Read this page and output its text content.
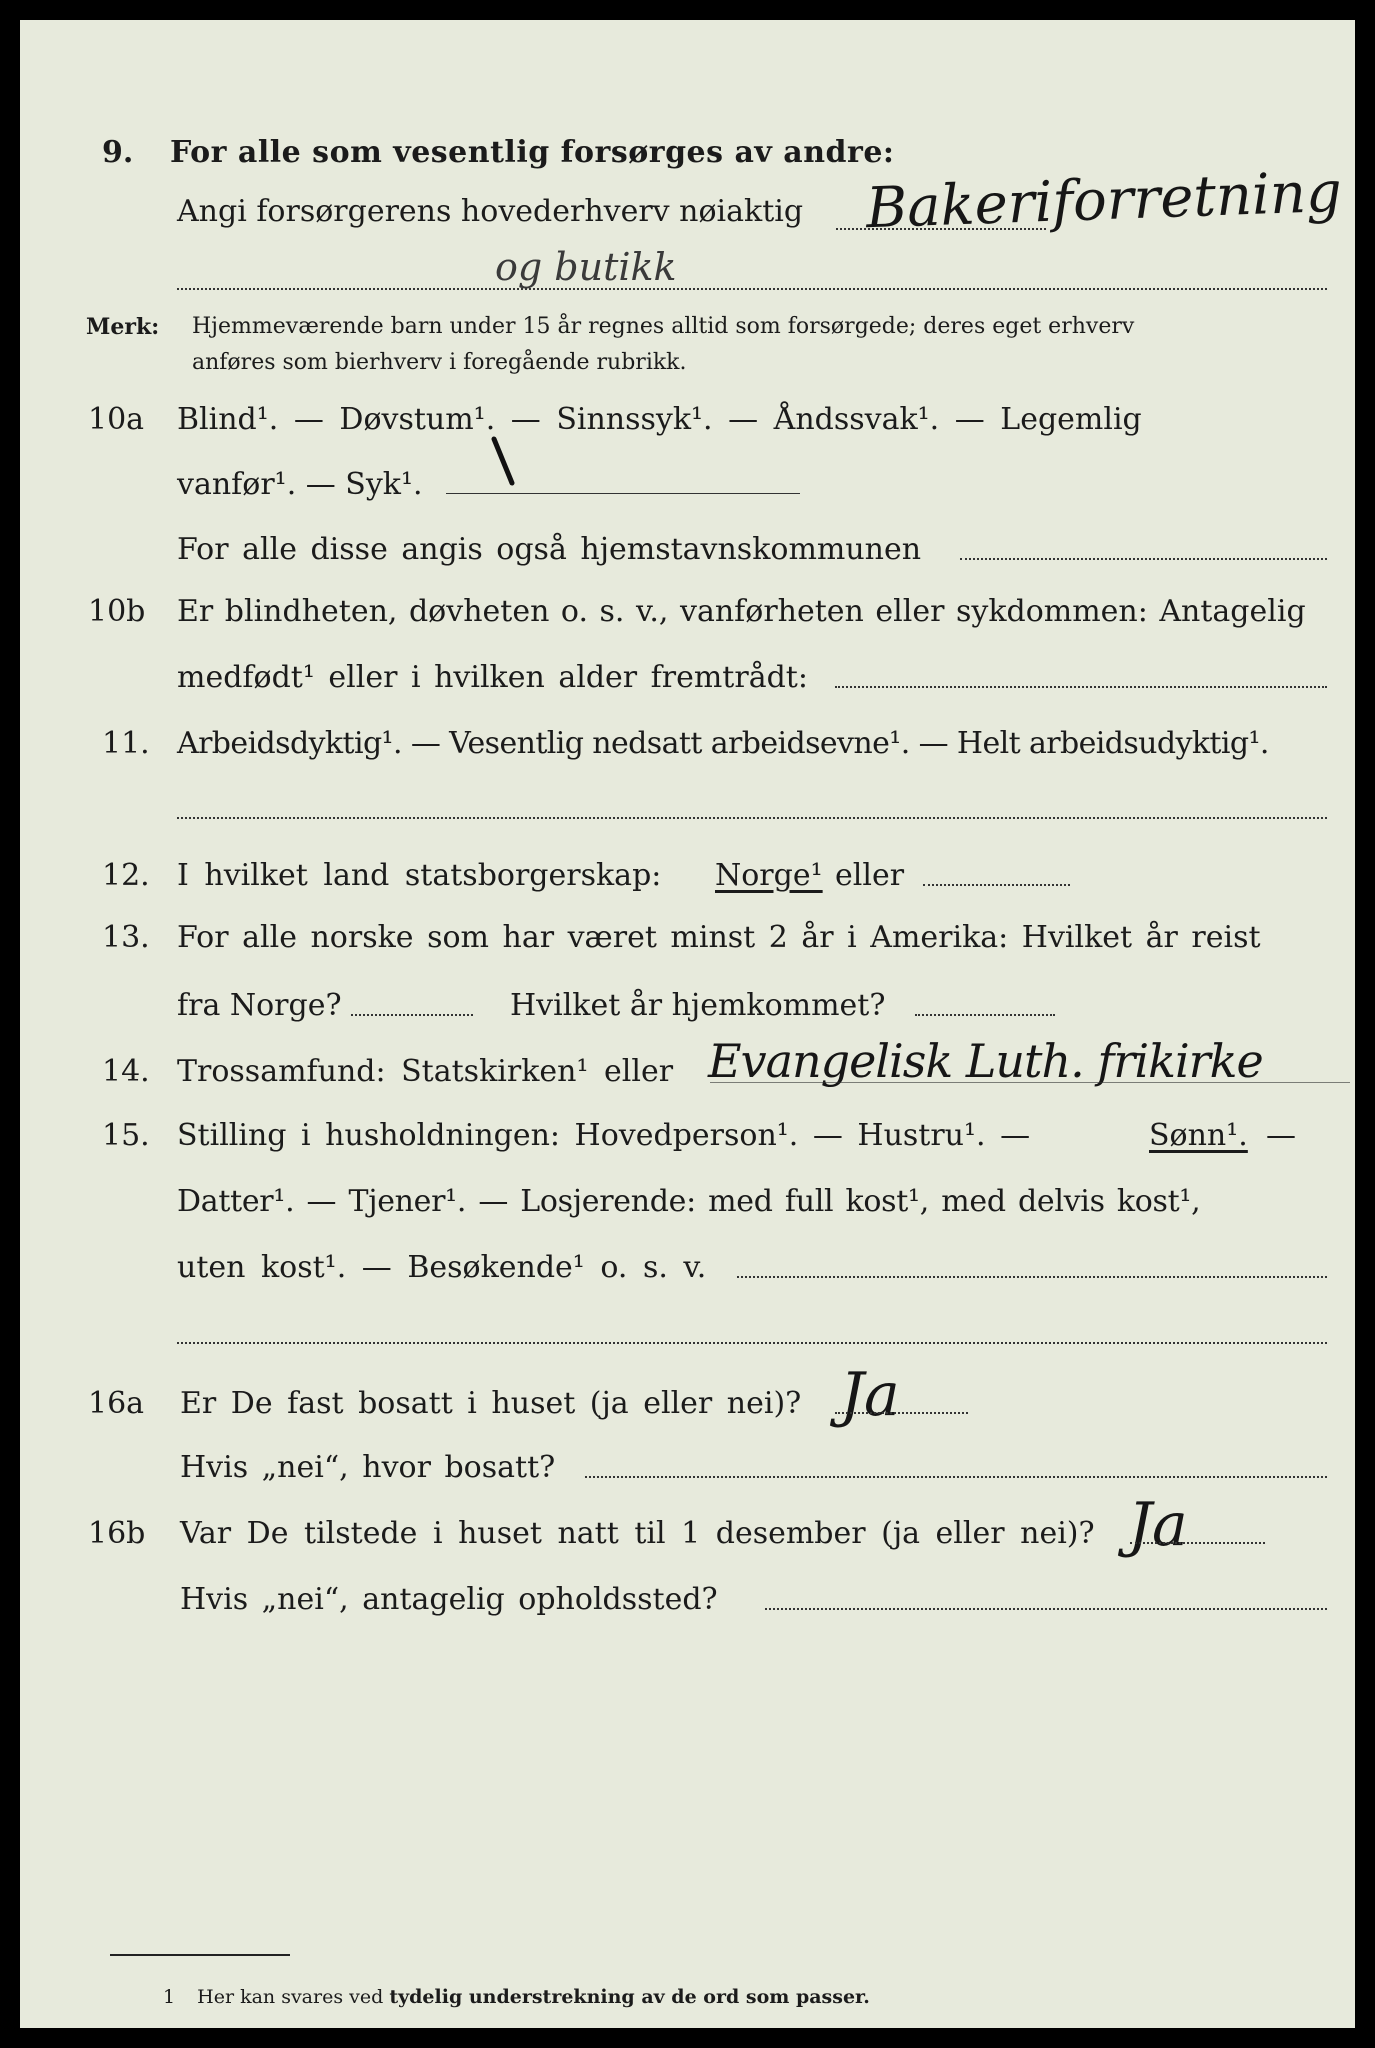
9. For alle som vesentlig forsørges av andre:
Angi forsørgerens hovederhverv nøiaktig Bakeriforretning
og butikk
Merk: Hjemmeværende barn under 15 år regnes alltid som forsørgede; deres eget erhverv
anføres som bierhverv i foregående rubrikk.
10a Blind¹. — Døvstum¹. — Sinnssyk¹. — Åndssvak¹. — Legemlig
vanfør¹. — Syk¹.
For alle disse angis også hjemstavnskommunen
10b Er blindheten, døvheten o. s. v., vanførheten eller sykdommen: Antagelig
medfødt¹ eller i hvilken alder fremtrådt:
11. Arbeidsdyktig¹. — Vesentlig nedsatt arbeidsevne¹. — Helt arbeidsudyktig¹.
12. I hvilket land statsborgerskap: Norge¹ eller
13. For alle norske som har været minst 2 år i Amerika: Hvilket år reist
fra Norge?	Hvilket år hjemkommet?
14. Trossamfund: Statskirken¹ eller Evangelisk Luth. frikirke
15. Stilling i husholdningen: Hovedperson¹. — Hustru¹. —	Sønn¹. —
Datter¹. — Tjener¹. — Losjerende: med full kost¹, med delvis kost¹,
uten kost¹. — Besøkende¹ o. s. v.
16a Er De fast bosatt i huset (ja eller nei)? Ja
Hvis „nei“, hvor bosatt?
16b Var De tilstede i huset natt til 1 desember (ja eller nei)? Ja
Hvis „nei“, antagelig opholdssted?
1 Her kan svares ved tydelig understrekning av de ord som passer.
